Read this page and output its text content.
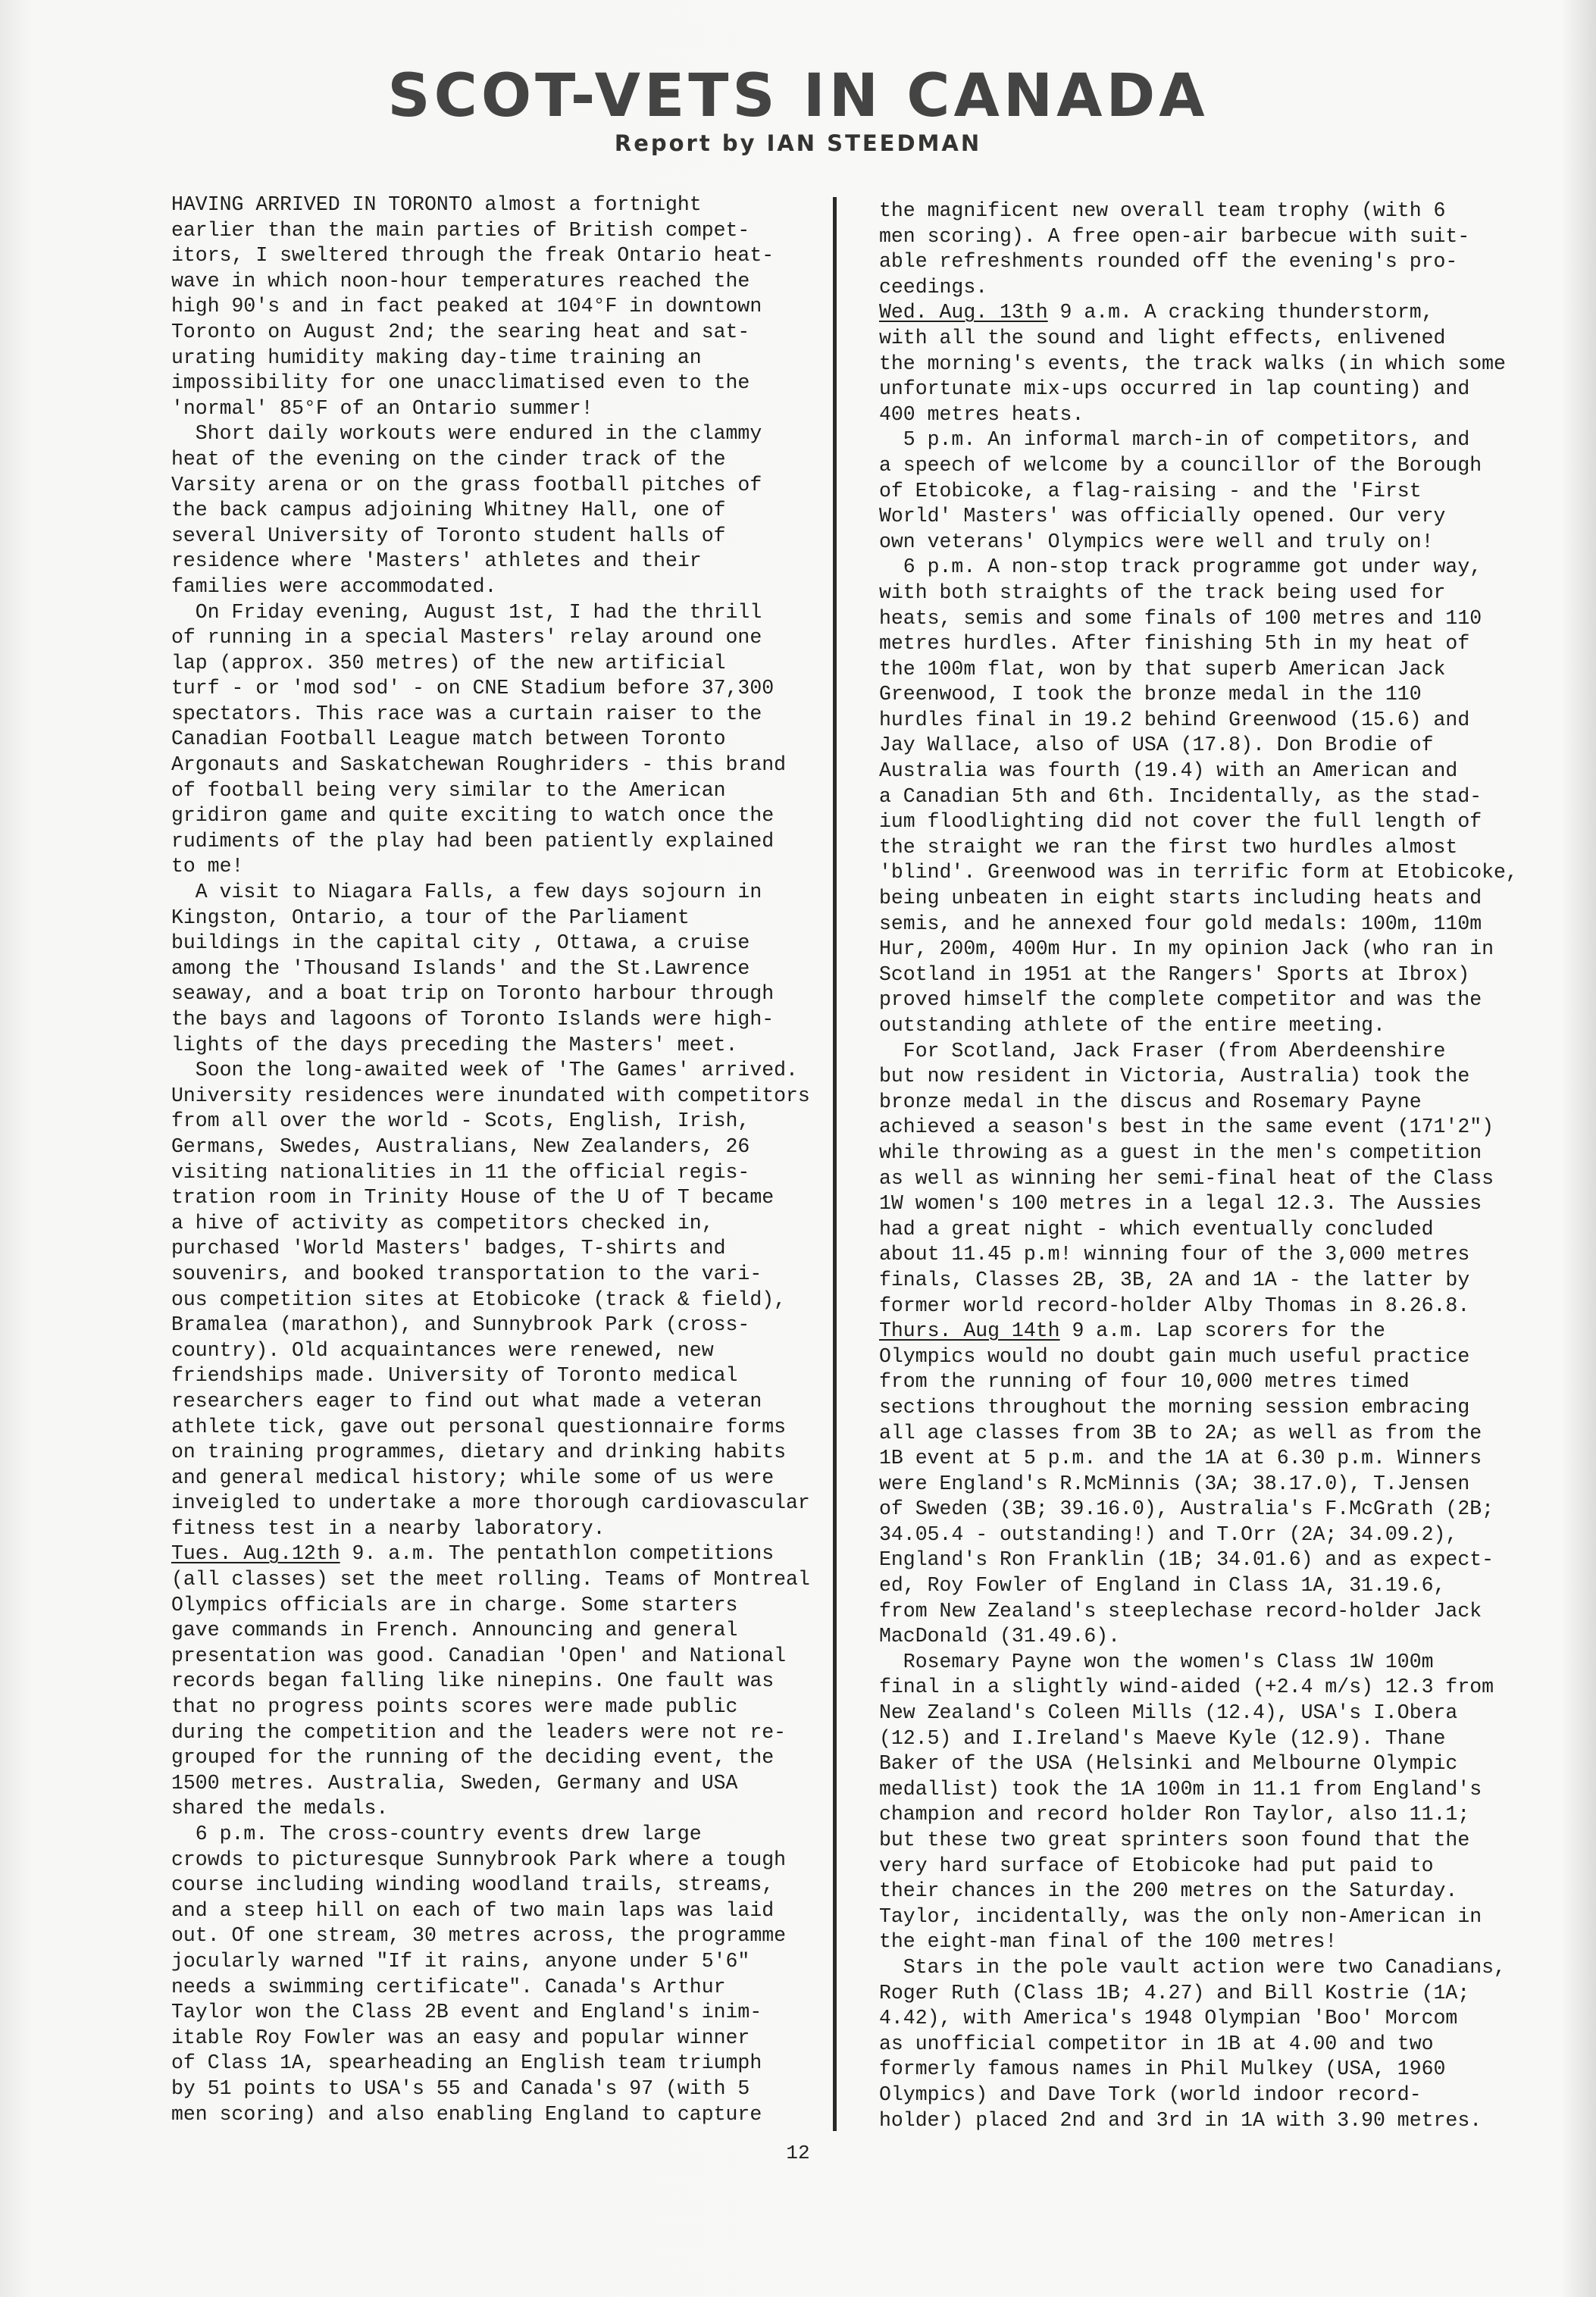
SCOT-VETS IN CANADA
Report by IAN STEEDMAN

HAVING ARRIVED IN TORONTO almost a fortnight

earlier than the main parties of British compet-

itors, I sweltered through the freak Ontario heat-

wave in which noon-hour temperatures reached the

high 90's and in fact peaked at 104°F in downtown

Toronto on August 2nd; the searing heat and sat-

urating humidity making day-time training an

impossibility for one unacclimatised even to the

'normal' 85°F of an Ontario summer!

Short daily workouts were endured in the clammy

heat of the evening on the cinder track of the

Varsity arena or on the grass football pitches of

the back campus adjoining Whitney Hall, one of

several University of Toronto student halls of

residence where 'Masters' athletes and their

families were accommodated.

On Friday evening, August 1st, I had the thrill

of running in a special Masters' relay around one

lap (approx. 350 metres) of the new artificial

turf - or 'mod sod' - on CNE Stadium before 37,300

spectators. This race was a curtain raiser to the

Canadian Football League match between Toronto

Argonauts and Saskatchewan Roughriders - this brand

of football being very similar to the American

gridiron game and quite exciting to watch once the

rudiments of the play had been patiently explained

to me!

A visit to Niagara Falls, a few days sojourn in

Kingston, Ontario, a tour of the Parliament

buildings in the capital city , Ottawa, a cruise

among the 'Thousand Islands' and the St.Lawrence

seaway, and a boat trip on Toronto harbour through

the bays and lagoons of Toronto Islands were high-

lights of the days preceding the Masters' meet.

Soon the long-awaited week of 'The Games' arrived.

University residences were inundated with competitors

from all over the world - Scots, English, Irish,

Germans, Swedes, Australians, New Zealanders, 26

visiting nationalities in 11 the official regis-

tration room in Trinity House of the U of T became

a hive of activity as competitors checked in,

purchased 'World Masters' badges, T-shirts and

souvenirs, and booked transportation to the vari-

ous competition sites at Etobicoke (track & field),

Bramalea (marathon), and Sunnybrook Park (cross-

country). Old acquaintances were renewed, new

friendships made. University of Toronto medical

researchers eager to find out what made a veteran

athlete tick, gave out personal questionnaire forms

on training programmes, dietary and drinking habits

and general medical history; while some of us were

inveigled to undertake a more thorough cardiovascular

fitness test in a nearby laboratory.

Tues. Aug.12th 9. a.m. The pentathlon competitions

(all classes) set the meet rolling. Teams of Montreal

Olympics officials are in charge. Some starters

gave commands in French. Announcing and general

presentation was good. Canadian 'Open' and National

records began falling like ninepins. One fault was

that no progress points scores were made public

during the competition and the leaders were not re-

grouped for the running of the deciding event, the

1500 metres. Australia, Sweden, Germany and USA

shared the medals.

6 p.m. The cross-country events drew large

crowds to picturesque Sunnybrook Park where a tough

course including winding woodland trails, streams,

and a steep hill on each of two main laps was laid

out. Of one stream, 30 metres across, the programme

jocularly warned "If it rains, anyone under 5'6"

needs a swimming certificate". Canada's Arthur

Taylor won the Class 2B event and England's inim-

itable Roy Fowler was an easy and popular winner

of Class 1A, spearheading an English team triumph

by 51 points to USA's 55 and Canada's 97 (with 5

men scoring) and also enabling England to capture

the magnificent new overall team trophy (with 6

men scoring). A free open-air barbecue with suit-

able refreshments rounded off the evening's pro-

ceedings.

Wed. Aug. 13th 9 a.m. A cracking thunderstorm,

with all the sound and light effects, enlivened

the morning's events, the track walks (in which some

unfortunate mix-ups occurred in lap counting) and

400 metres heats.

5 p.m. An informal march-in of competitors, and

a speech of welcome by a councillor of the Borough

of Etobicoke, a flag-raising - and the 'First

World' Masters' was officially opened. Our very

own veterans' Olympics were well and truly on!

6 p.m. A non-stop track programme got under way,

with both straights of the track being used for

heats, semis and some finals of 100 metres and 110

metres hurdles. After finishing 5th in my heat of

the 100m flat, won by that superb American Jack

Greenwood, I took the bronze medal in the 110

hurdles final in 19.2 behind Greenwood (15.6) and

Jay Wallace, also of USA (17.8). Don Brodie of

Australia was fourth (19.4) with an American and

a Canadian 5th and 6th. Incidentally, as the stad-

ium floodlighting did not cover the full length of

the straight we ran the first two hurdles almost

'blind'. Greenwood was in terrific form at Etobicoke,

being unbeaten in eight starts including heats and

semis, and he annexed four gold medals: 100m, 110m

Hur, 200m, 400m Hur. In my opinion Jack (who ran in

Scotland in 1951 at the Rangers' Sports at Ibrox)

proved himself the complete competitor and was the

outstanding athlete of the entire meeting.

For Scotland, Jack Fraser (from Aberdeenshire

but now resident in Victoria, Australia) took the

bronze medal in the discus and Rosemary Payne

achieved a season's best in the same event (171'2")

while throwing as a guest in the men's competition

as well as winning her semi-final heat of the Class

1W women's 100 metres in a legal 12.3. The Aussies

had a great night - which eventually concluded

about 11.45 p.m! winning four of the 3,000 metres

finals, Classes 2B, 3B, 2A and 1A - the latter by

former world record-holder Alby Thomas in 8.26.8.

Thurs. Aug 14th 9 a.m. Lap scorers for the

Olympics would no doubt gain much useful practice

from the running of four 10,000 metres timed

sections throughout the morning session embracing

all age classes from 3B to 2A; as well as from the

1B event at 5 p.m. and the 1A at 6.30 p.m. Winners

were England's R.McMinnis (3A; 38.17.0), T.Jensen

of Sweden (3B; 39.16.0), Australia's F.McGrath (2B;

34.05.4 - outstanding!) and T.Orr (2A; 34.09.2),

England's Ron Franklin (1B; 34.01.6) and as expect-

ed, Roy Fowler of England in Class 1A, 31.19.6,

from New Zealand's steeplechase record-holder Jack

MacDonald (31.49.6).

Rosemary Payne won the women's Class 1W 100m

final in a slightly wind-aided (+2.4 m/s) 12.3 from

New Zealand's Coleen Mills (12.4), USA's I.Obera

(12.5) and I.Ireland's Maeve Kyle (12.9). Thane

Baker of the USA (Helsinki and Melbourne Olympic

medallist) took the 1A 100m in 11.1 from England's

champion and record holder Ron Taylor, also 11.1;

but these two great sprinters soon found that the

very hard surface of Etobicoke had put paid to

their chances in the 200 metres on the Saturday.

Taylor, incidentally, was the only non-American in

the eight-man final of the 100 metres!

Stars in the pole vault action were two Canadians,

Roger Ruth (Class 1B; 4.27) and Bill Kostrie (1A;

4.42), with America's 1948 Olympian 'Boo' Morcom

as unofficial competitor in 1B at 4.00 and two

formerly famous names in Phil Mulkey (USA, 1960

Olympics) and Dave Tork (world indoor record-

holder) placed 2nd and 3rd in 1A with 3.90 metres.

12
